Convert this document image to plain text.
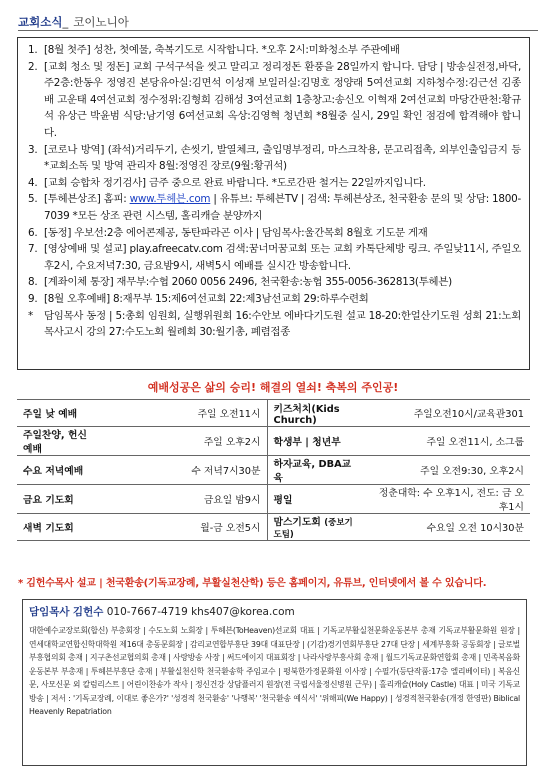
교회소식_ 코이노니아
1. [8월 첫주] 성찬, 첫예물, 축복기도로 시작합니다. *오후 2시:미화청소부 주관예배
2. [교회 청소 및 정돈] 교회 구석구석을 씻고 말리고 정리정돈 환풍을 28일까지 합니다. 담당 | 방송실전정,바닥,주2층:한동우 정영진 본당유아실:김면석 이성재 보일러실:김명호 정양래 5여선교회 지하청수정:김근선 김종배 고운태 4여선교회 정수정위:김형희 김해성 3여선교회 1층창고:송신오 이혁재 2여선교회 마당간판천:황규석 유상근 박윤범 식당:남기영 6여선교회 옥상:김영혁 청년회 *8월중 실시, 29일 확인 점검에 합격해야 합니다.
3. [코로나 방역] (좌석)거리두기, 손씻기, 발열체크, 출입명부정리, 마스크착용, 문고리접촉, 외부인출입금지 등 *교회소독 및 방역 관리자 8월:정영진 장로(9월:황귀석)
4. [교회 승합차 정기검사] 금주 중으로 완료 바랍니다. *도로간판 철거는 22일까지입니다.
5. [투헤븐상조] 홈피: www.투헤븐.com | 유튜브: 투헤븐TV | 검색: 투헤븐상조, 천국환송 문의 및 상담: 1800-7039 *모든 상조 관련 시스템, 홀리캐슬 분양까지
6. [동정] 우보선:2층 에어콘제공, 동탄파라곤 이사 | 담임목사:울간목회 8월호 기도문 게재
7. [영상예배 및 설교] play.afreecatv.com 검색:꿈너머꿈교회 또는 교회 카톡단체방 링크. 주일낮11시, 주일오후2시, 수요저녁7:30, 금요밤9시, 새벽5시 예배를 실시간 방송합니다.
8. [계좌이체 통장] 재무부:수협 2060 0056 2496, 천국환송:농협 355-0056-362813(투헤븐)
9. [8월 오후예배] 8:재무부 15:제6여선교회 22:제3남선교회 29:하루수련회
* 담임목사 동정 | 5:총회 임원회, 실행위원회 16:수안보 에바다기도원 설교 18-20:한얼산기도원 성회 21:노회 목사고시 강의 27:수도노회 월례회 30:월기총, 폐렴접종
예배성공은 삶의 승리! 해결의 열쇠! 축복의 주인공!
주일 낮 예배	주일 오전11시	키즈처치(Kids Church)	주일오전10시/교육관301
주일찬양, 헌신예배	주일 오후2시	학생부 | 청년부	주일 오전11시, 소그룹
수요 저녁예배	수 저녁7시30분	하자교육, DBA교육	주일 오전9:30, 오후2시
금요 기도회	금요일 밤9시	평일	정춘대학: 수 오후1시, 전도: 금 오후1시
새벽 기도회	월-금 오전5시	맘스기도회 (중보기도팀)	수요일 오전 10시30분
* 김헌수목사 설교 | 천국환송(기독교장례, 부활실천산학) 등은 홈페이지, 유튜브, 인터넷에서 볼 수 있습니다.
담임목사 김헌수 010-7667-4719 khs407@korea.com
대한예수교장로회(합신) 부총회장 | 수도노회 노회장 | 투헤븐(ToHeaven)선교회 대표 | 기독교부활실천문화운동본부 총재 기독교부활문화원 원장 | 연세대학교연합신학대학원 제16대 총동문회장 | 감리교연합부흥단 39대 대표단장 | (기감)경기연회부흥단 27대 단장 | 세계부흥화 공동회장 | 글로벌부흥협의회 총재 | 지구촌선교협의회 총재 | 사랑방송 사장 | 써드에이지 대표회장 | 나라사랑부흥사회 총재 | 월드기독교문화연합회 총재 | 민족복음화운동본부 부총재 | 투헤븐부흥단 총재 | 부활실천신학 천국환송학 주임교수 | 평북한가정문화원 이사장 | 수필가(등단작품:17층 엘리베이터) | 복음신문, 사모신문 외 칼럼리스트 | 어린이찬송가 작사 | 정신건강 상담플러지 원장(전 국립서울정신병원 근무) | 홀리캐슬(Holy Castle) 대표 | 미국 기독교방송 | 저서 : '기독교장례, 이대로 좋은가?' '성경적 천국환송' '나행복' '천국환송 예식서' '위해피(We Happy) | 성경적천국환송(개정 한영판) Biblical Heavenly Repatriation
